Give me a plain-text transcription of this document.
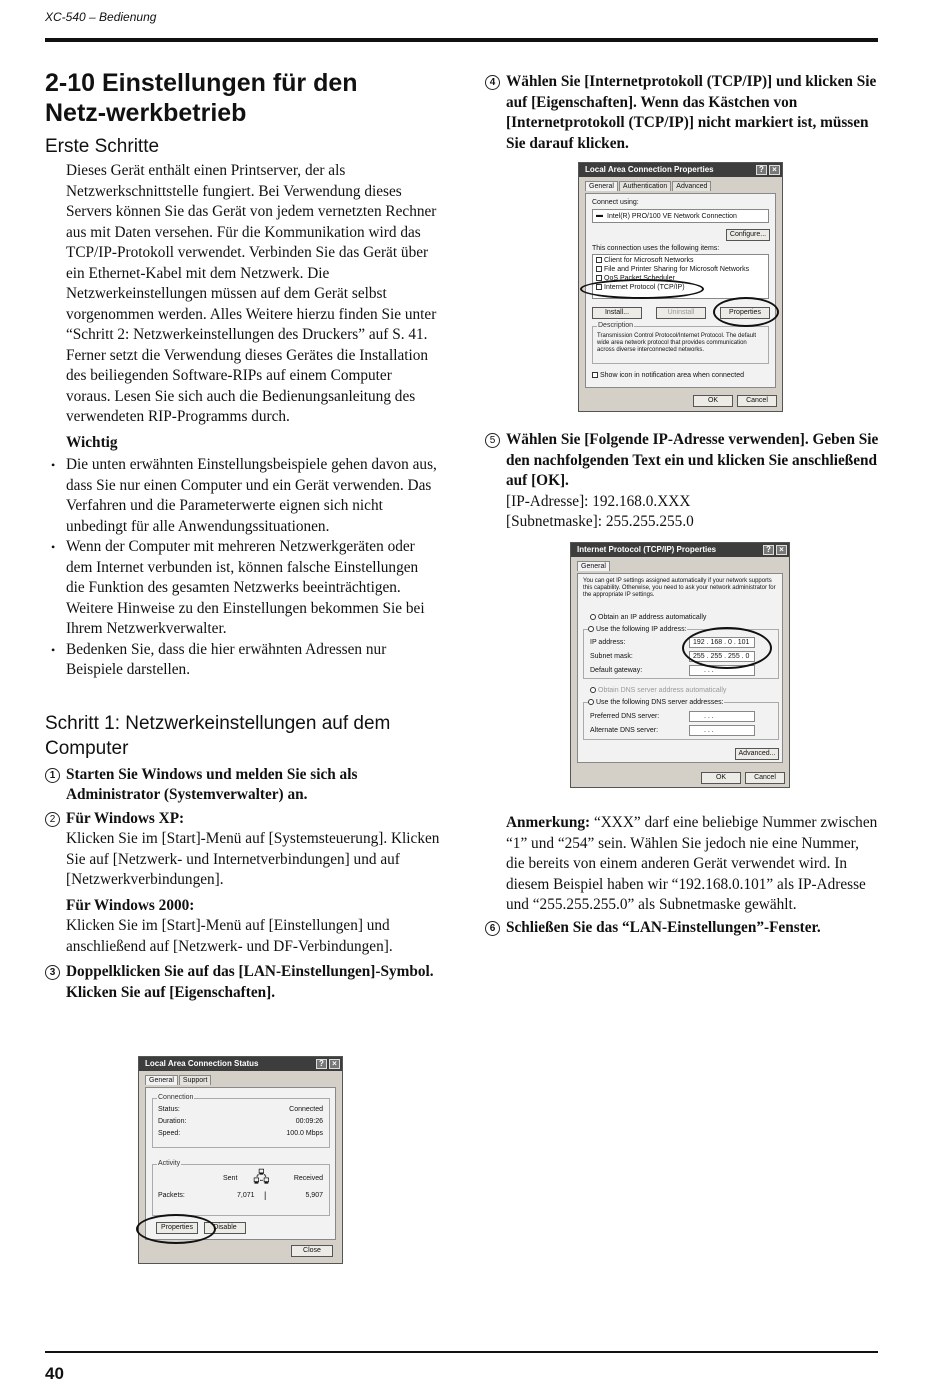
XC-540 – Bedienung
2-10 Einstellungen für den Netz-werkbetrieb
Erste Schritte
Dieses Gerät enthält einen Printserver, der als Netzwerkschnittstelle fungiert. Bei Verwendung dieses Servers können Sie das Gerät von jedem vernetzten Rechner aus mit Daten versehen. Für die Kommunikation wird das TCP/IP-Protokoll verwendet. Verbinden Sie das Gerät über ein Ethernet-Kabel mit dem Netzwerk. Die Netzwerkeinstellungen müssen auf dem Gerät selbst vorgenommen werden. Alles Weitere hierzu finden Sie unter “Schritt 2: Netzwerkeinstellungen des Druckers” auf S. 41.
Ferner setzt die Verwendung dieses Gerätes die Installation des beiliegenden Software-RIPs auf einem Computer voraus. Lesen Sie sich auch die Bedienungsanleitung des verwendeten RIP-Programms durch.
Wichtig
• Die unten erwähnten Einstellungsbeispiele gehen davon aus, dass Sie nur einen Computer und ein Gerät verwenden. Das Verfahren und die Parameterwerte eignen sich nicht unbedingt für alle Anwendungssituationen.
• Wenn der Computer mit mehreren Netzwerkgeräten oder dem Internet verbunden ist, können falsche Einstellungen die Funktion des gesamten Netzwerks beeinträchtigen. Weitere Hinweise zu den Einstellungen bekommen Sie bei Ihrem Netzwerkverwalter.
• Bedenken Sie, dass die hier erwähnten Adressen nur Beispiele darstellen.
Schritt 1: Netzwerkeinstellungen auf dem Computer
1 Starten Sie Windows und melden Sie sich als Administrator (Systemverwalter) an.
2 Für Windows XP:
Klicken Sie im [Start]-Menü auf [Systemsteuerung]. Klicken Sie auf [Netzwerk- und Internetverbindungen] und auf [Netzwerkverbindungen].
Für Windows 2000:
Klicken Sie im [Start]-Menü auf [Einstellungen] und anschließend auf [Netzwerk- und DF-Verbindungen].
3 Doppelklicken Sie auf das [LAN-Einstellungen]-Symbol. Klicken Sie auf [Eigenschaften].
Local Area Connection Status	?	×
General	Support
Connection
Status:	Connected
Duration:	00:09:26
Speed:	100.0 Mbps
Activity
Sent 🖧	Received
Packets:	7,071 |	5,907
Properties	Disable
Close
4 Wählen Sie [Internetprotokoll (TCP/IP)] und klicken Sie auf [Eigenschaften]. Wenn das Kästchen von [Internetprotokoll (TCP/IP)] nicht markiert ist, müssen Sie darauf klicken.
Local Area Connection Properties	?	×
General	Authentication	Advanced
Connect using:
▬ Intel(R) PRO/100 VE Network Connection
Configure...
This connection uses the following items:
Client for Microsoft Networks
File and Printer Sharing for Microsoft Networks
QoS Packet Scheduler
Internet Protocol (TCP/IP)
Install...	Uninstall	Properties
Description
Transmission Control Protocol/Internet Protocol. The default wide area network protocol that provides communication across diverse interconnected networks.
Show icon in notification area when connected
OK	Cancel
5 Wählen Sie [Folgende IP-Adresse verwenden]. Geben Sie den nachfolgenden Text ein und klicken Sie anschließend auf [OK].
[IP-Adresse]: 192.168.0.XXX
[Subnetmaske]: 255.255.255.0
Internet Protocol (TCP/IP) Properties	?	×
General
You can get IP settings assigned automatically if your network supports this capability. Otherwise, you need to ask your network administrator for the appropriate IP settings.
Obtain an IP address automatically
Use the following IP address:
IP address:	192 . 168 . 0 . 101
Subnet mask:	255 . 255 . 255 . 0
Default gateway:	. . .
Obtain DNS server address automatically
Use the following DNS server addresses:
Preferred DNS server:	. . .
Alternate DNS server:	. . .
Advanced...
OK	Cancel
Anmerkung: “XXX” darf eine beliebige Nummer zwischen “1” und “254” sein. Wählen Sie jedoch nie eine Nummer, die bereits von einem anderen Gerät verwendet wird. In diesem Beispiel haben wir “192.168.0.101” als IP-Adresse und “255.255.255.0” als Subnetmaske gewählt.
6 Schließen Sie das “LAN-Einstellungen”-Fenster.
40
